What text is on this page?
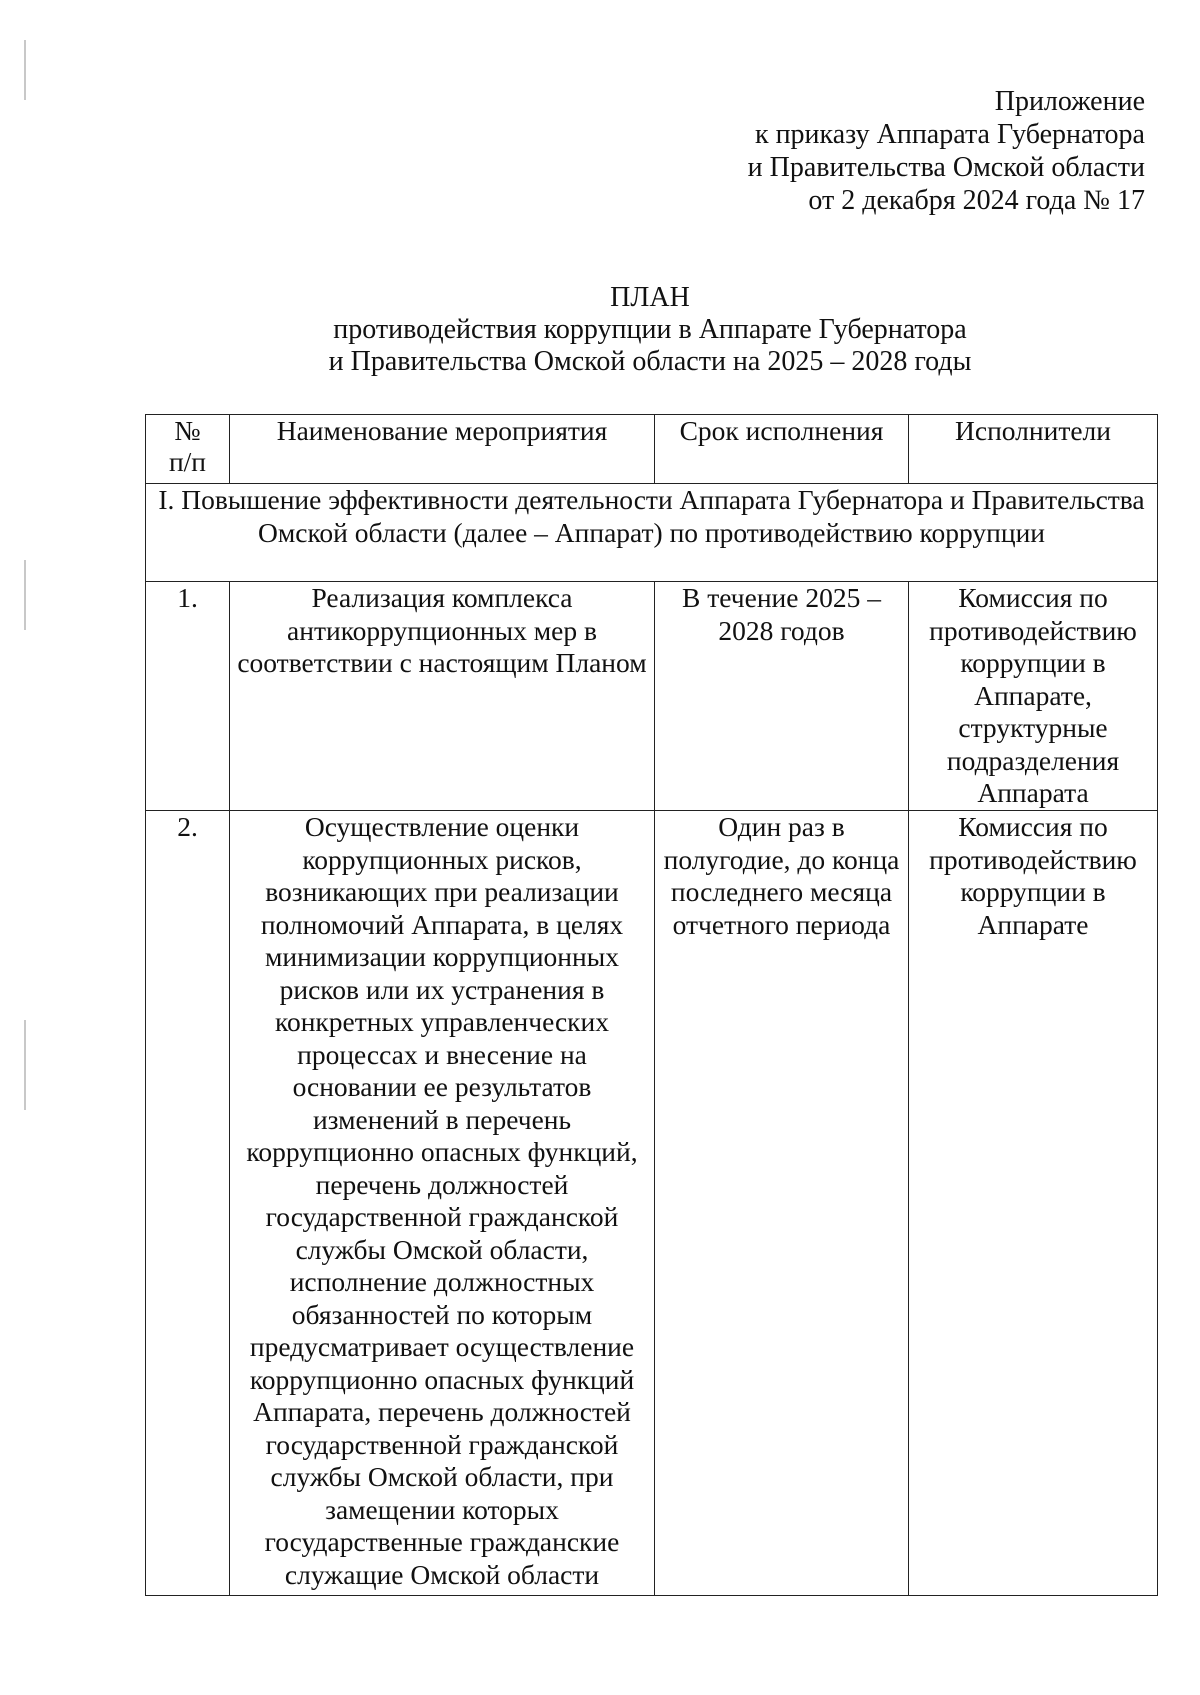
Приложение
к приказу Аппарата Губернатора
и Правительства Омской области
от 2 декабря 2024 года № 17
ПЛАН
противодействия коррупции в Аппарате Губернатора
и Правительства Омской области на 2025 – 2028 годы
№
п/п	Наименование мероприятия	Срок исполнения	Исполнители
I. Повышение эффективности деятельности Аппарата Губернатора и Правительства Омской области (далее – Аппарат) по противодействию коррупции			
1.	Реализация комплекса антикоррупционных мер в соответствии с настоящим Планом	В течение 2025 – 2028 годов	Комиссия по противодействию коррупции в Аппарате, структурные подразделения Аппарата
2.	Осуществление оценки коррупционных рисков, возникающих при реализации полномочий Аппарата, в целях минимизации коррупционных рисков или их устранения в конкретных управленческих процессах и внесение на основании ее результатов изменений в перечень коррупционно опасных функций, перечень должностей государственной гражданской службы Омской области, исполнение должностных обязанностей по которым предусматривает осуществление коррупционно опасных функций Аппарата, перечень должностей государственной гражданской службы Омской области, при замещении которых государственные гражданские служащие Омской области	Один раз в полугодие, до конца последнего месяца отчетного периода	Комиссия по противодействию коррупции в Аппарате
